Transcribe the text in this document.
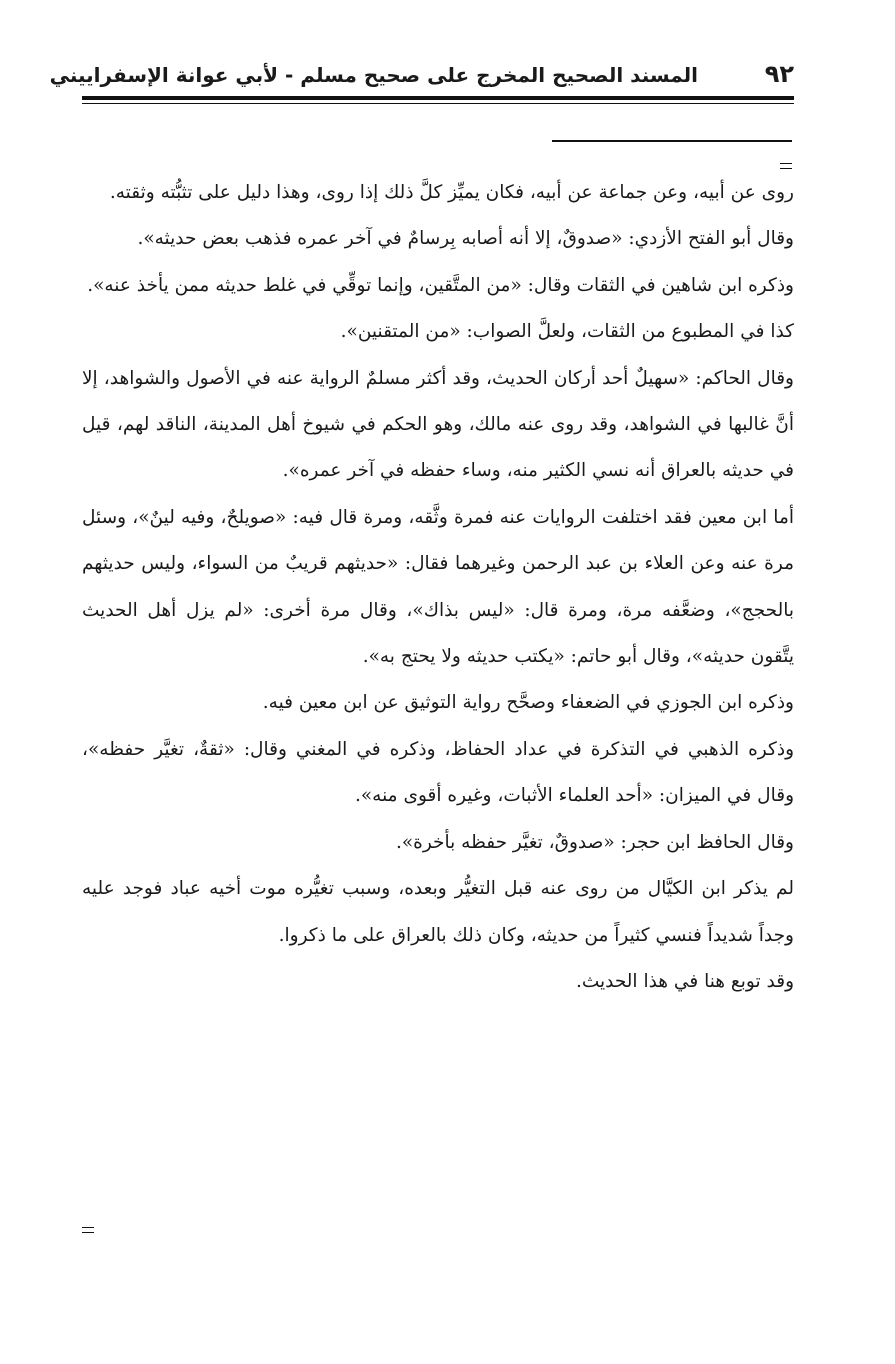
٩٢
المسند الصحيح المخرج على صحيح مسلم - لأبي عوانة الإسفراييني

روى عن أبيه، وعن جماعة عن أبيه، فكان يميِّز كلَّ ذلك إذا روى، وهذا دليل على تثبُّته وثقته.

وقال أبو الفتح الأزدي: «صدوقٌ، إلا أنه أصابه بِرسامٌ في آخر عمره فذهب بعض حديثه».

وذكره ابن شاهين في الثقات وقال: «من المتَّقين، وإنما توقِّي في غلط حديثه ممن يأخذ عنه».

كذا في المطبوع من الثقات، ولعلَّ الصواب: «من المتقنين».

وقال الحاكم: «سهيلٌ أحد أركان الحديث، وقد أكثر مسلمٌ الرواية عنه في الأصول والشواهد، إلا أنَّ غالبها في الشواهد، وقد روى عنه مالك، وهو الحكم في شيوخ أهل المدينة، الناقد لهم، قيل في حديثه بالعراق أنه نسي الكثير منه، وساء حفظه في آخر عمره».

أما ابن معين فقد اختلفت الروايات عنه فمرة وثَّقه، ومرة قال فيه: «صويلحٌ، وفيه لينٌ»، وسئل مرة عنه وعن العلاء بن عبد الرحمن وغيرهما فقال: «حديثهم قريبٌ من السواء، وليس حديثهم بالحجج»، وضعَّفه مرة، ومرة قال: «ليس بذاك»، وقال مرة أخرى: «لم يزل أهل الحديث يتَّقون حديثه»، وقال أبو حاتم: «يكتب حديثه ولا يحتج به».

وذكره ابن الجوزي في الضعفاء وصحَّح رواية التوثيق عن ابن معين فيه.

وذكره الذهبي في التذكرة في عداد الحفاظ، وذكره في المغني وقال: «ثقةٌ، تغيَّر حفظه»، وقال في الميزان: «أحد العلماء الأثبات، وغيره أقوى منه».

وقال الحافظ ابن حجر: «صدوقٌ، تغيَّر حفظه بأخرة».

لم يذكر ابن الكيَّال من روى عنه قبل التغيُّر وبعده، وسبب تغيُّره موت أخيه عباد فوجد عليه وجداً شديداً فنسي كثيراً من حديثه، وكان ذلك بالعراق على ما ذكروا.

وقد توبع هنا في هذا الحديث.
